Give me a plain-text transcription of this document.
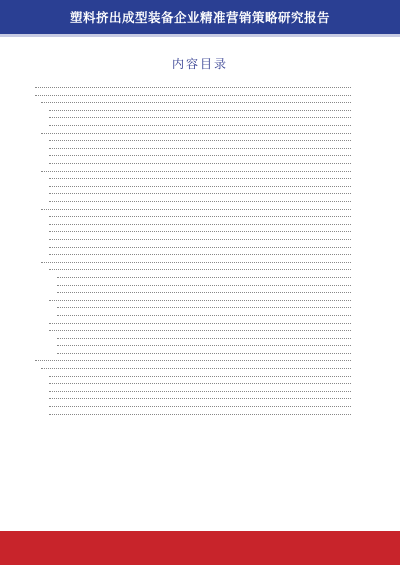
塑料挤出成型装备企业精准营销策略研究报告
内容目录
